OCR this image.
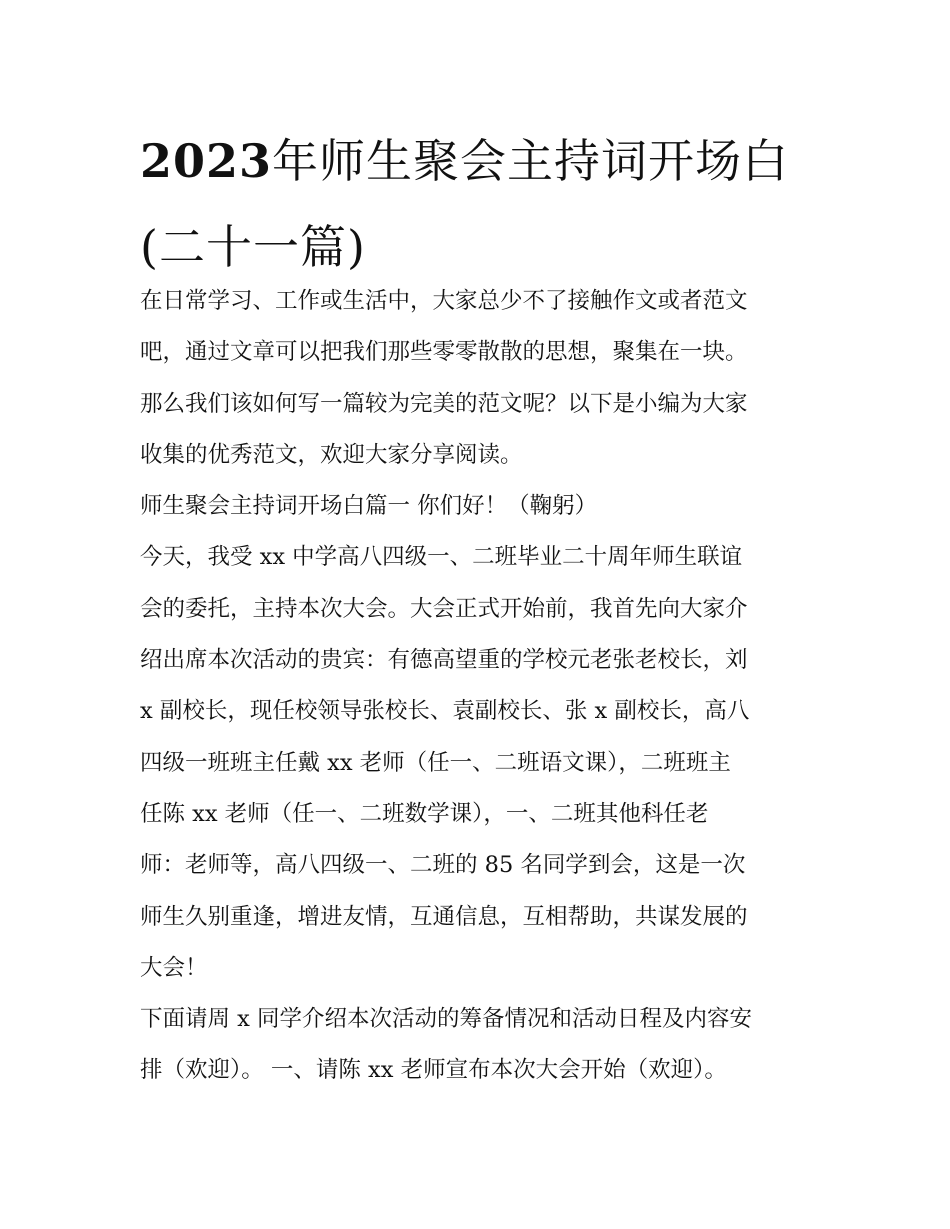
2023年师生聚会主持词开场白
(二十一篇)
在日常学习、工作或生活中，大家总少不了接触作文或者范文
吧，通过文章可以把我们那些零零散散的思想，聚集在一块。
那么我们该如何写一篇较为完美的范文呢？以下是小编为大家
收集的优秀范文，欢迎大家分享阅读。
师生聚会主持词开场白篇一 你们好！（鞠躬）
今天，我受 xx 中学高八四级一、二班毕业二十周年师生联谊
会的委托，主持本次大会。大会正式开始前，我首先向大家介
绍出席本次活动的贵宾：有德高望重的学校元老张老校长，刘
x 副校长，现任校领导张校长、袁副校长、张 x 副校长，高八
四级一班班主任戴 xx 老师（任一、二班语文课），二班班主
任陈 xx 老师（任一、二班数学课），一、二班其他科任老
师：老师等，高八四级一、二班的 85 名同学到会，这是一次
师生久别重逢，增进友情，互通信息，互相帮助，共谋发展的
大会！
下面请周 x 同学介绍本次活动的筹备情况和活动日程及内容安
排（欢迎）。 一、请陈 xx 老师宣布本次大会开始（欢迎）。
